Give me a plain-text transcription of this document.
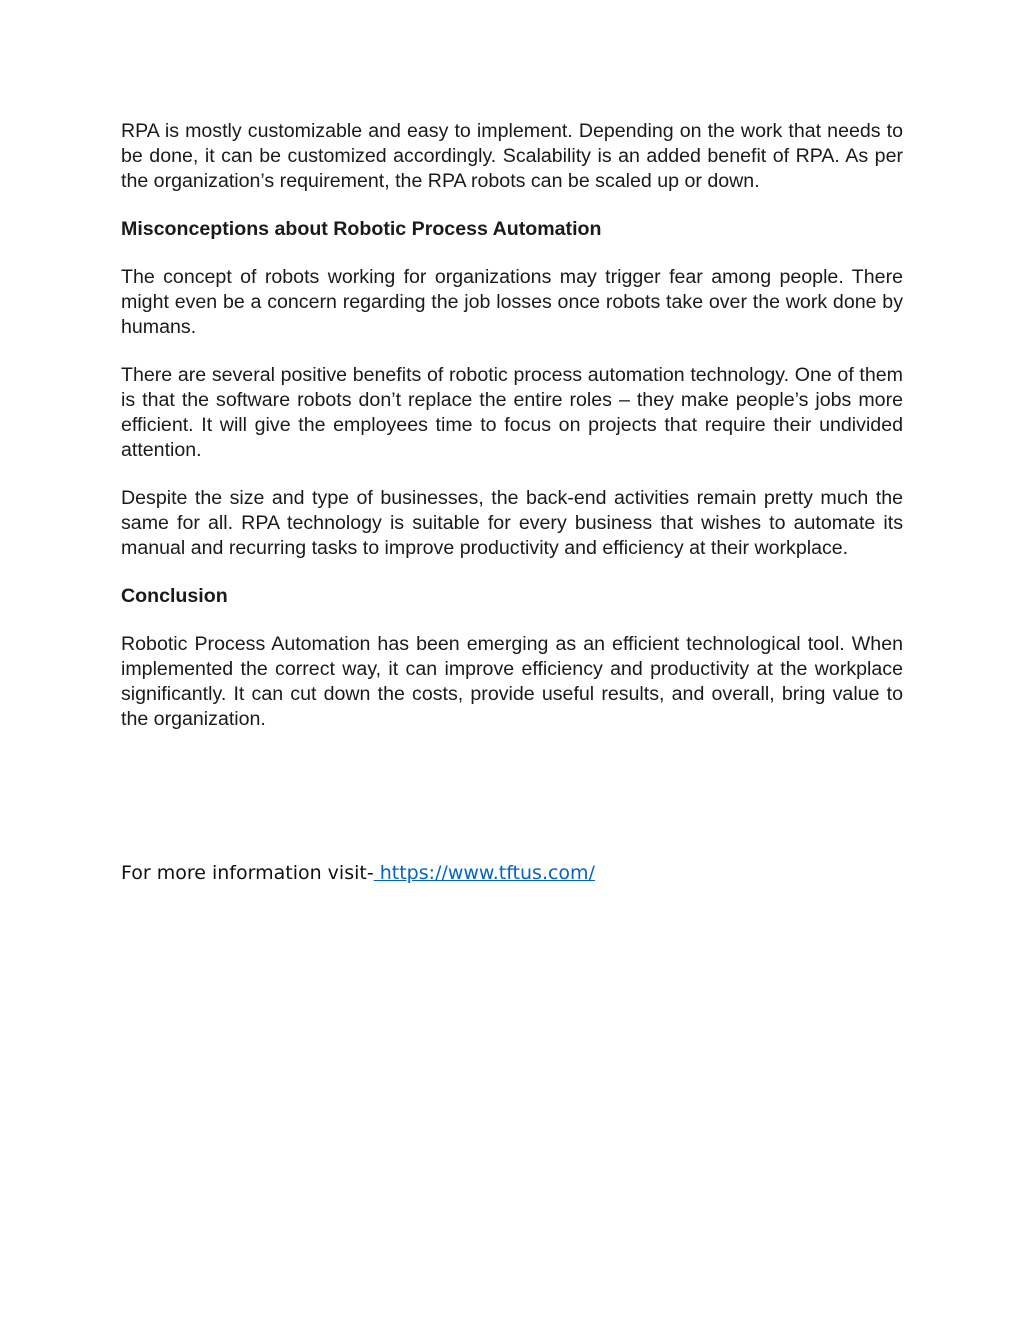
RPA is mostly customizable and easy to implement. Depending on the work that needs to be done, it can be customized accordingly. Scalability is an added benefit of RPA. As per the organization’s requirement, the RPA robots can be scaled up or down.

Misconceptions about Robotic Process Automation

The concept of robots working for organizations may trigger fear among people. There might even be a concern regarding the job losses once robots take over the work done by humans.

There are several positive benefits of robotic process automation technology. One of them is that the software robots don’t replace the entire roles – they make people’s jobs more efficient. It will give the employees time to focus on projects that require their undivided attention.

Despite the size and type of businesses, the back-end activities remain pretty much the same for all. RPA technology is suitable for every business that wishes to automate its manual and recurring tasks to improve productivity and efficiency at their workplace.

Conclusion

Robotic Process Automation has been emerging as an efficient technological tool. When implemented the correct way, it can improve efficiency and productivity at the workplace significantly. It can cut down the costs, provide useful results, and overall, bring value to the organization.

For more information visit- https://www.tftus.com/
